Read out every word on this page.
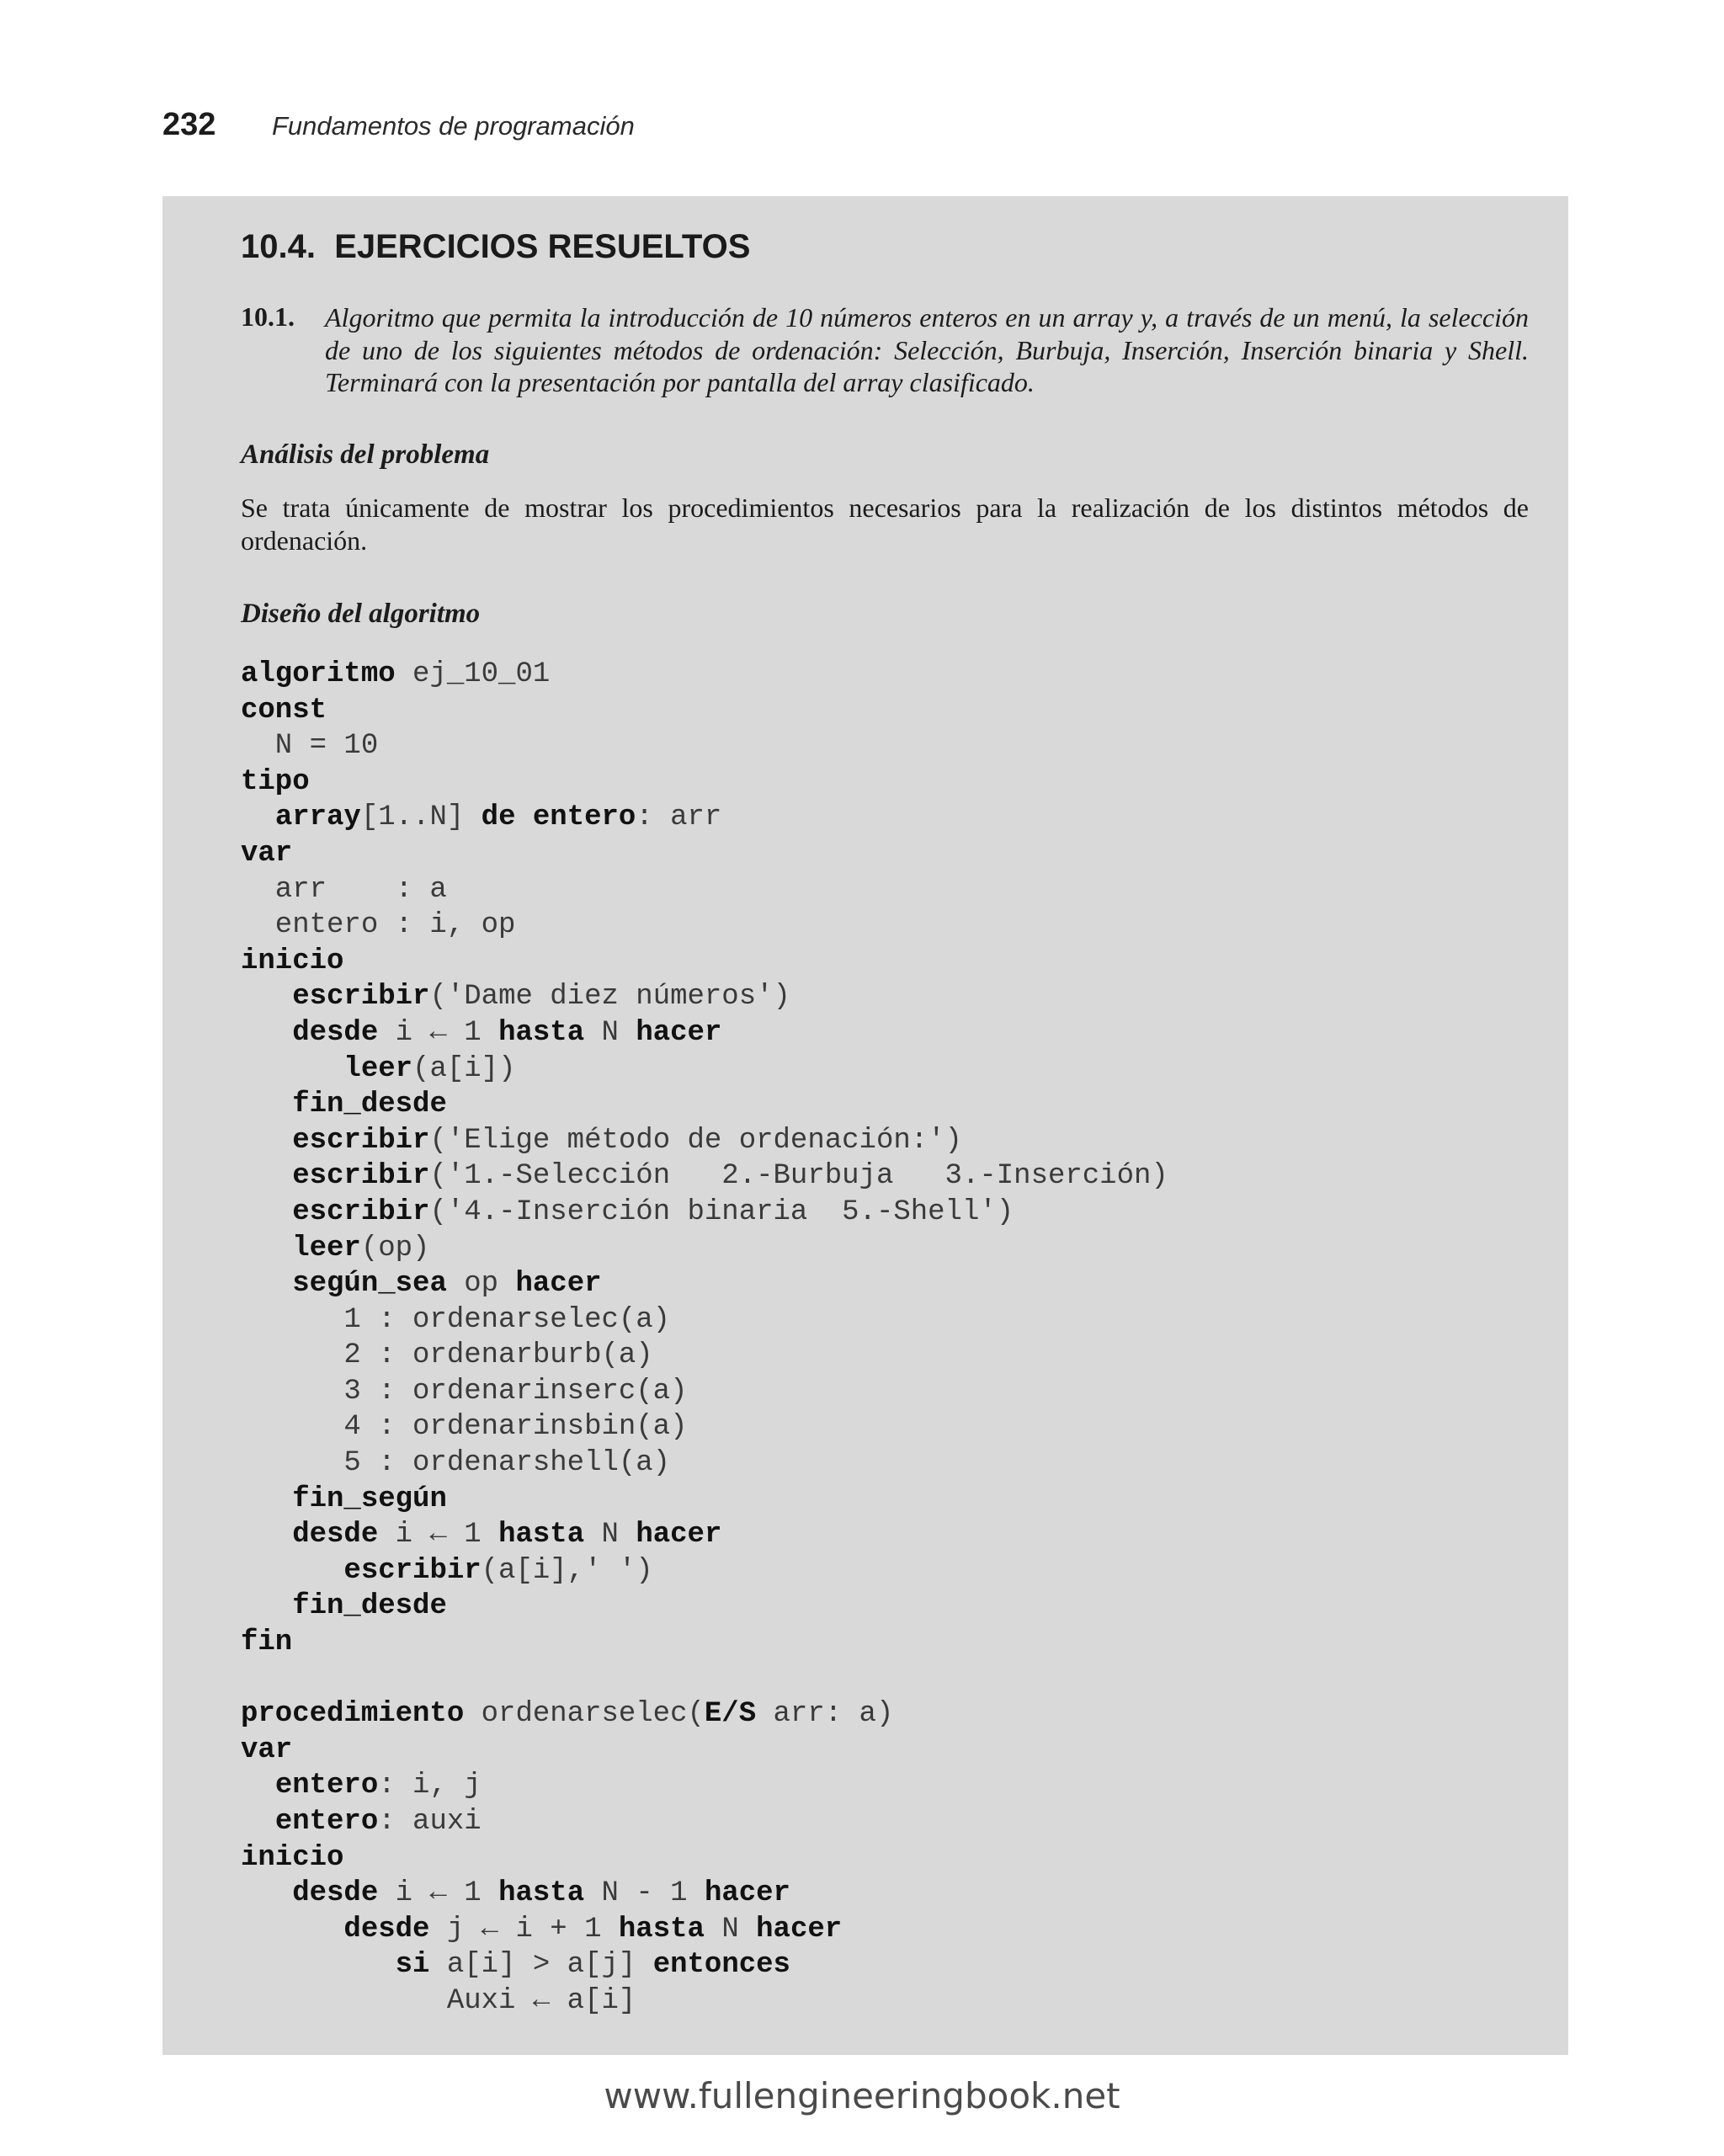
232	Fundamentos de programación
10.4.  EJERCICIOS RESUELTOS
10.1. Algoritmo que permita la introducción de 10 números enteros en un array y, a través de un menú, la selección de uno de los siguientes métodos de ordenación: Selección, Burbuja, Inserción, Inserción binaria y Shell. Terminará con la presentación por pantalla del array clasificado.
Análisis del problema
Se trata únicamente de mostrar los procedimientos necesarios para la realización de los distintos métodos de ordenación.
Diseño del algoritmo
algoritmo ej_10_01
const
N = 10
tipo
array[1..N] de entero: arr
var
arr    : a
entero : i, op
inicio
escribir('Dame diez números')
desde i ← 1 hasta N hacer
leer(a[i])
fin_desde
escribir('Elige método de ordenación:')
escribir('1.-Selección   2.-Burbuja   3.-Inserción)
escribir('4.-Inserción binaria  5.-Shell')
leer(op)
según_sea op hacer
1 : ordenarselec(a)
2 : ordenarburb(a)
3 : ordenarinserc(a)
4 : ordenarinsbin(a)
5 : ordenarshell(a)
fin_según
desde i ← 1 hasta N hacer
escribir(a[i],' ')
fin_desde
fin
procedimiento ordenarselec(E/S arr: a)
var
entero: i, j
entero: auxi
inicio
desde i ← 1 hasta N - 1 hacer
desde j ← i + 1 hasta N hacer
si a[i] > a[j] entonces
Auxi ← a[i]
www.fullengineeringbook.net
